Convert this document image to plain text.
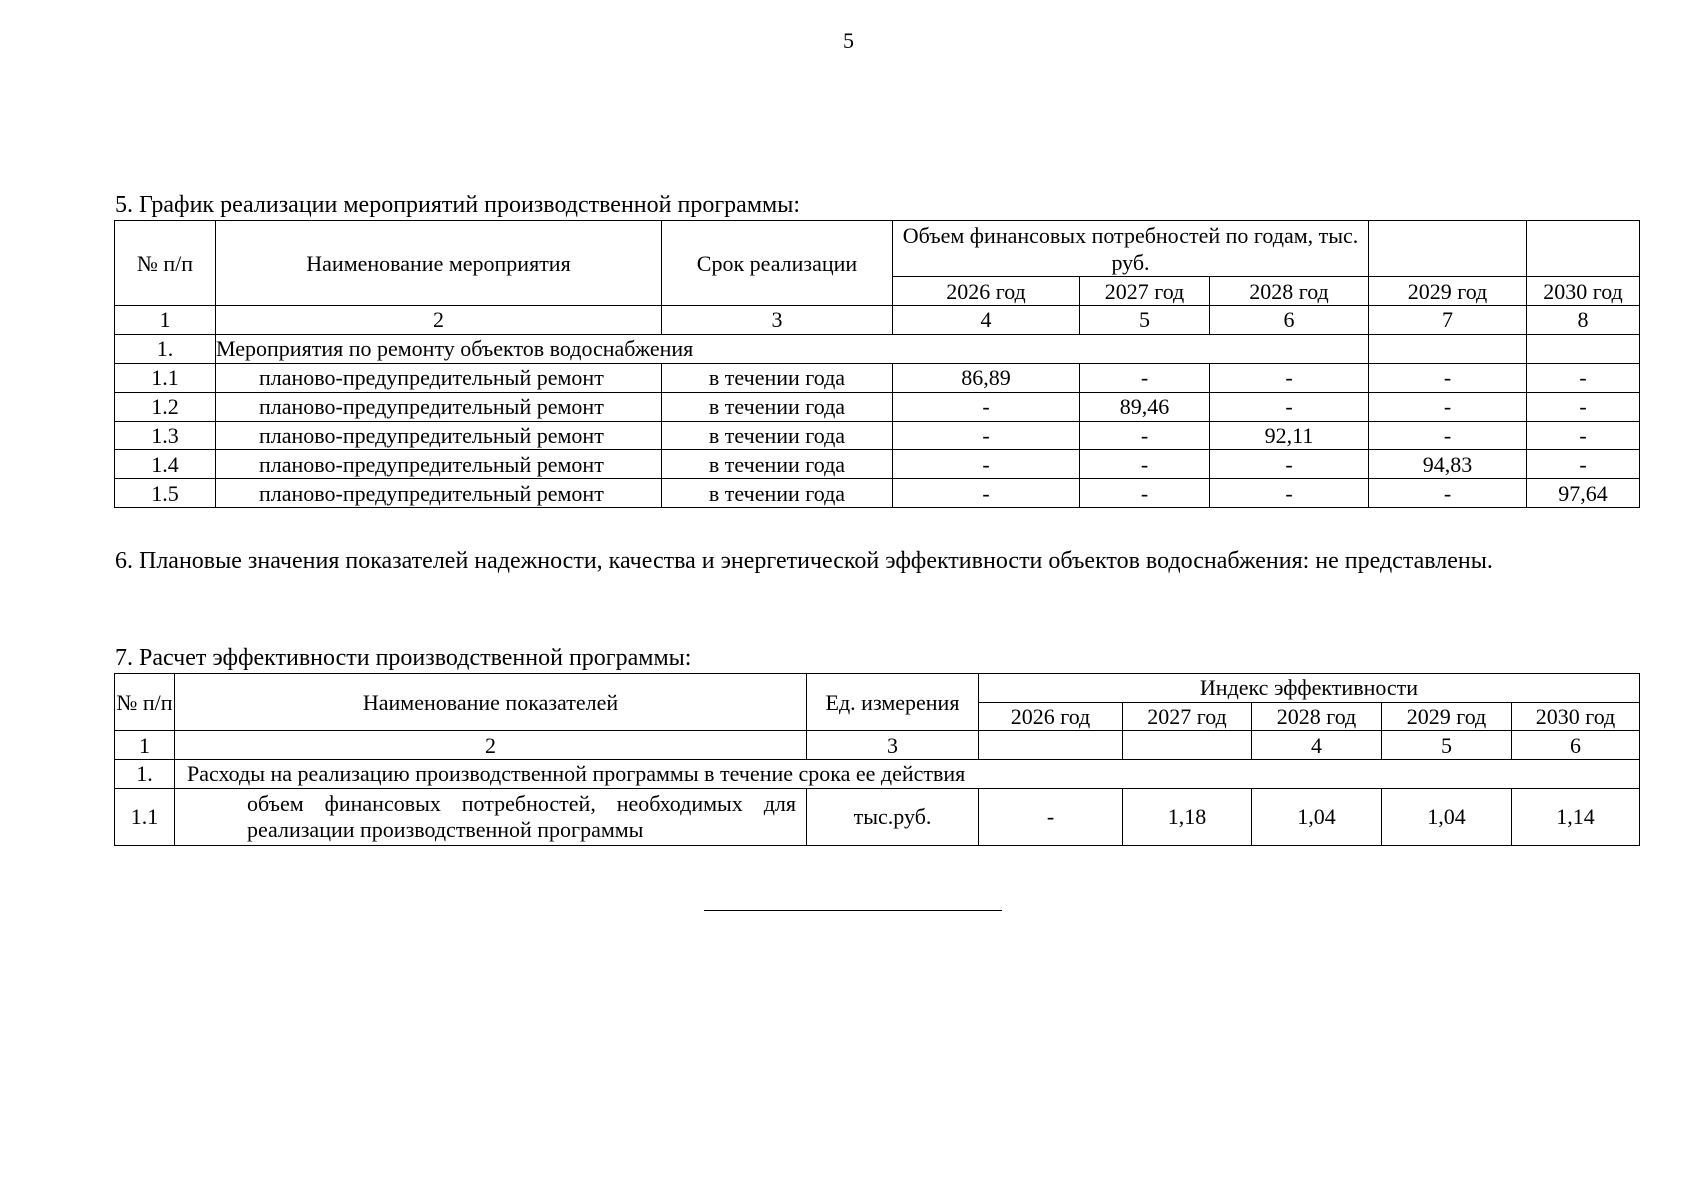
5
5. График реализации мероприятий производственной программы:
№ п/п	Наименование мероприятия	Срок реализации	Объем финансовых потребностей по годам, тыс. руб.				
			2026 год	2027 год	2028 год	2029 год	2030 год
1	2	3	4	5	6	7	8
1.	Мероприятия по ремонту объектов водоснабжения						
1.1	планово-предупредительный ремонт	в течении года	86,89	-	-	-	-
1.2	планово-предупредительный ремонт	в течении года	-	89,46	-	-	-
1.3	планово-предупредительный ремонт	в течении года	-	-	92,11	-	-
1.4	планово-предупредительный ремонт	в течении года	-	-	-	94,83	-
1.5	планово-предупредительный ремонт	в течении года	-	-	-	-	97,64
6. Плановые значения показателей надежности, качества и энергетической эффективности объектов водоснабжения: не представлены.
7. Расчет эффективности производственной программы:
№ п/п	Наименование показателей	Ед. измерения	Индекс эффективности				
			2026 год	2027 год	2028 год	2029 год	2030 год
1	2	3			4	5	6
1.	Расходы на реализацию производственной программы в течение срока ее действия						
1.1	объем финансовых потребностей, необходимых для реализации производственной программы	тыс.руб.	-	1,18	1,04	1,04	1,14
